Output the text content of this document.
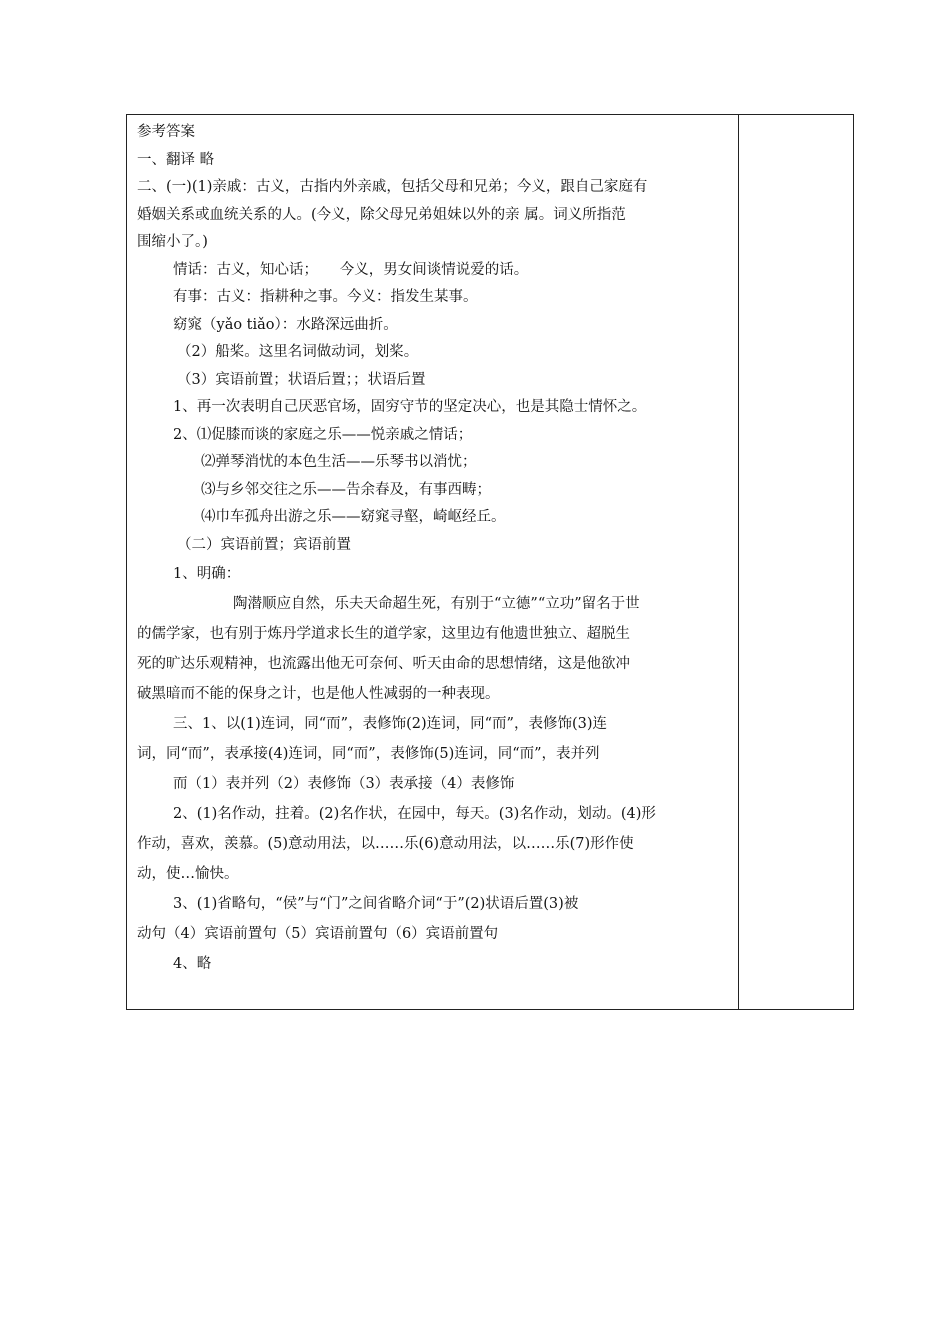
参考答案
一、翻译 略
二、(一)(1)亲戚：古义，古指内外亲戚，包括父母和兄弟；今义，跟自己家庭有
婚姻关系或血统关系的人。(今义，除父母兄弟姐妹以外的亲 属。词义所指范
围缩小了。)
情话：古义，知心话；　　今义，男女间谈情说爱的话。
有事：古义：指耕种之事。今义：指发生某事。
窈窕（yǎo tiǎo）：水路深远曲折。
（2）船桨。这里名词做动词，划桨。
（3）宾语前置；状语后置；；状语后置
1、再一次表明自己厌恶官场，固穷守节的坚定决心，也是其隐士情怀之。
2、⑴促膝而谈的家庭之乐——悦亲戚之情话；
⑵弹琴消忧的本色生活——乐琴书以消忧；
⑶与乡邻交往之乐——告余春及，有事西畴；
⑷巾车孤舟出游之乐——窈窕寻壑，崎岖经丘。
（二）宾语前置；宾语前置
1、明确：
陶潜顺应自然，乐夫天命超生死，有别于“立德”“立功”留名于世
的儒学家，也有别于炼丹学道求长生的道学家，这里边有他遗世独立、超脱生
死的旷达乐观精神，也流露出他无可奈何、听天由命的思想情绪，这是他欲冲
破黑暗而不能的保身之计，也是他人性减弱的一种表现。
三、1、以(1)连词，同“而”，表修饰(2)连词，同“而”，表修饰(3)连
词，同“而”，表承接(4)连词，同“而”，表修饰(5)连词，同“而”，表并列
而（1）表并列（2）表修饰（3）表承接（4）表修饰
2、(1)名作动，拄着。(2)名作状，在园中，每天。(3)名作动，划动。(4)形
作动，喜欢，羡慕。(5)意动用法，以……乐(6)意动用法，以……乐(7)形作使
动，使…愉快。
3、(1)省略句，“侯”与“门”之间省略介词“于”(2)状语后置(3)被
动句（4）宾语前置句（5）宾语前置句（6）宾语前置句
4、略
